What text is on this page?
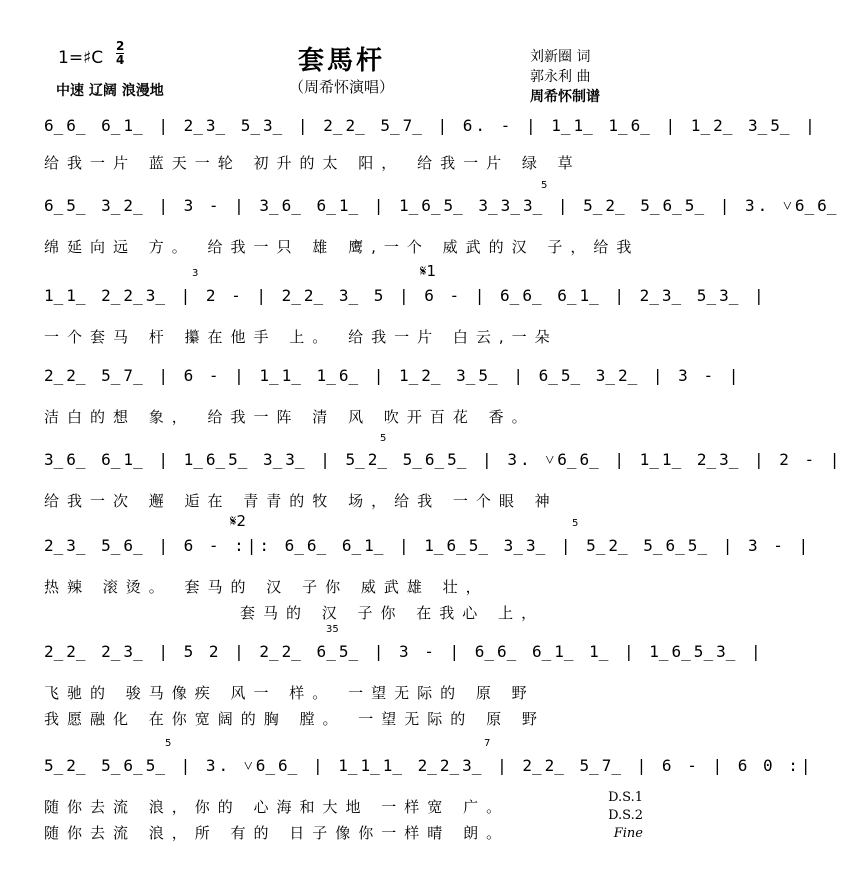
套馬杆
（周希怀演唱）
1=♯C
2
4
中速 辽阔 浪漫地
刘新圈 词
郭永利 曲
周希怀制谱
6̲6̲ 6̲1̲ | 2̲3̲ 5̲3̲ | 2̲2̲ 5̲7̲ | 6. - | 1̲1̲ 1̲6̲ | 1̲2̲ 3̲5̲ |
给我一片 蓝天一轮 初升的太 阳， 给我一片 绿 草
6̲5̲ 3̲2̲ | 3 - | 3̲6̲ 6̲1̲ | 1̲6̲5̲ 3̲3̲3̲ | 5̲2̲ 5̲6̲5̲ | 3. ˅6̲6̲
绵延向远 方。 给我一只 雄 鹰,一个 威武的汉 子，给我
5
1̲1̲ 2̲2̲3̲ | 2 - | 2̲2̲ 3̲ 5 | 6 - | 6̲6̲ 6̲1̲ | 2̲3̲ 5̲3̲ |
一个套马 杆 攥在他手 上。 给我一片 白云,一朵
3	𝄋1
2̲2̲ 5̲7̲ | 6 - | 1̲1̲ 1̲6̲ | 1̲2̲ 3̲5̲ | 6̲5̲ 3̲2̲ | 3 - |
洁白的想 象， 给我一阵 清 风 吹开百花 香。
3̲6̲ 6̲1̲ | 1̲6̲5̲ 3̲3̲ | 5̲2̲ 5̲6̲5̲ | 3. ˅6̲6̲ | 1̲1̲ 2̲3̲ | 2 - |
给我一次 邂 逅在 青青的牧 场，给我 一个眼 神
5
2̲3̲ 5̲6̲ | 6 - :|: 6̲6̲ 6̲1̲ | 1̲6̲5̲ 3̲3̲ | 5̲2̲ 5̲6̲5̲ | 3 - |
热辣 滚烫。 套马的 汉 子你 威武雄 壮，
套马的 汉 子你 在我心 上，
𝄋2	5
2̲2̲ 2̲3̲ | 5 2 | 2̲2̲ 6̲5̲ | 3 - | 6̲6̲ 6̲1̲ 1̲ | 1̲6̲5̲3̲ |
飞驰的 骏马像疾 风一 样。 一望无际的 原 野
我愿融化 在你宽阔的胸 膛。 一望无际的 原 野
35
5̲2̲ 5̲6̲5̲ | 3. ˅6̲6̲ | 1̲1̲1̲ 2̲2̲3̲ | 2̲2̲ 5̲7̲ | 6 - | 6 0 :|
随你去流 浪，你的 心海和大地 一样宽 广。
随你去流 浪，所 有的 日子像你一样晴 朗。
5	7
D.S.1
D.S.2
Fine
